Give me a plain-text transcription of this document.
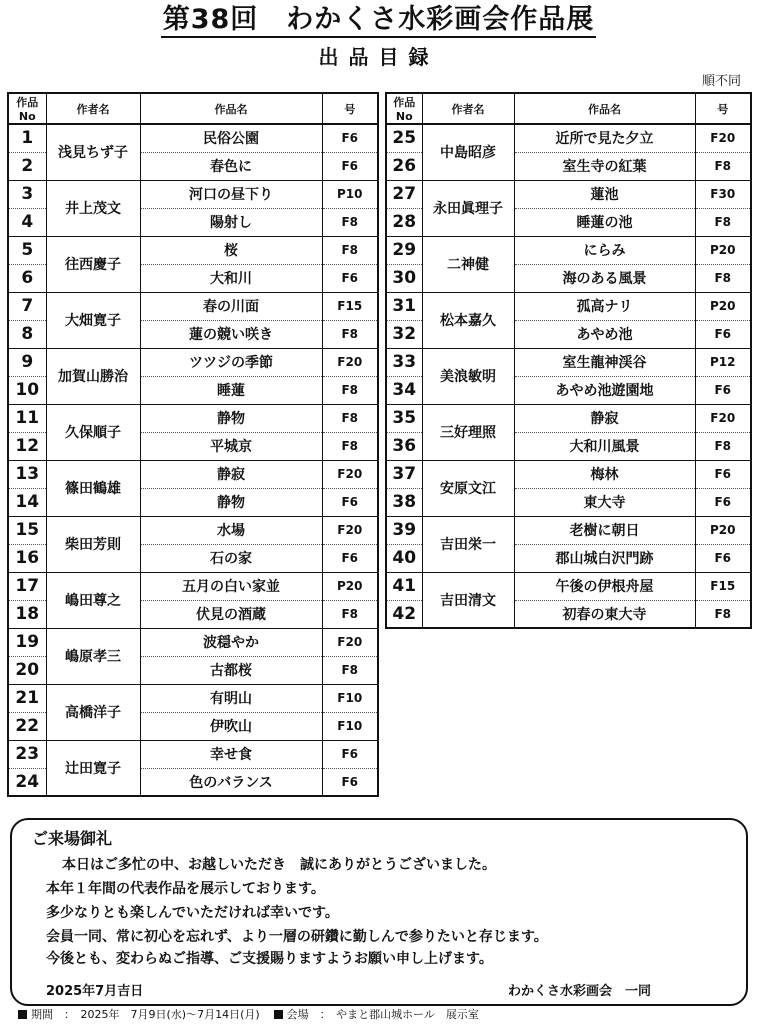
第38回　わかくさ水彩画会作品展
出品目録
順不同
作品No	作者名	作品名	号
1	浅見ちず子	民俗公園	F6
2		春色に	F6
3	井上茂文	河口の昼下り	P10
4		陽射し	F8
5	往西慶子	桜	F8
6		大和川	F6
7	大畑寛子	春の川面	F15
8		蓮の競い咲き	F8
9	加賀山勝治	ツツジの季節	F20
10		睡蓮	F8
11	久保順子	静物	F8
12		平城京	F8
13	篠田鶴雄	静寂	F20
14		静物	F6
15	柴田芳則	水場	F20
16		石の家	F6
17	嶋田尊之	五月の白い家並	P20
18		伏見の酒蔵	F8
19	嶋原孝三	波穏やか	F20
20		古都桜	F8
21	高橋洋子	有明山	F10
22		伊吹山	F10
23	辻田寛子	幸せ食	F6
24		色のバランス	F6
作品No	作者名	作品名	号
25	中島昭彦	近所で見た夕立	F20
26		室生寺の紅葉	F8
27	永田眞理子	蓮池	F30
28		睡蓮の池	F8
29	二神健	にらみ	P20
30		海のある風景	F8
31	松本嘉久	孤高ナリ	P20
32		あやめ池	F6
33	美浪敏明	室生龍神渓谷	P12
34		あやめ池遊園地	F6
35	三好理照	静寂	F20
36		大和川風景	F8
37	安原文江	梅林	F6
38		東大寺	F6
39	吉田栄一	老樹に朝日	P20
40		郡山城白沢門跡	F6
41	吉田清文	午後の伊根舟屋	F15
42		初春の東大寺	F8
ご来場御礼
本日はご多忙の中、お越しいただき　誠にありがとうございました。
本年１年間の代表作品を展示しております。
多少なりとも楽しんでいただければ幸いです。
会員一同、常に初心を忘れず、より一層の研鑽に勤しんで参りたいと存じます。
今後とも、変わらぬご指導、ご支援賜りますようお願い申し上げます。
2025年7月吉日	わかくさ水彩画会　一同
期間　：　2025年　7月9日(水)～7月14日(月) 会場　：　やまと郡山城ホール　展示室
